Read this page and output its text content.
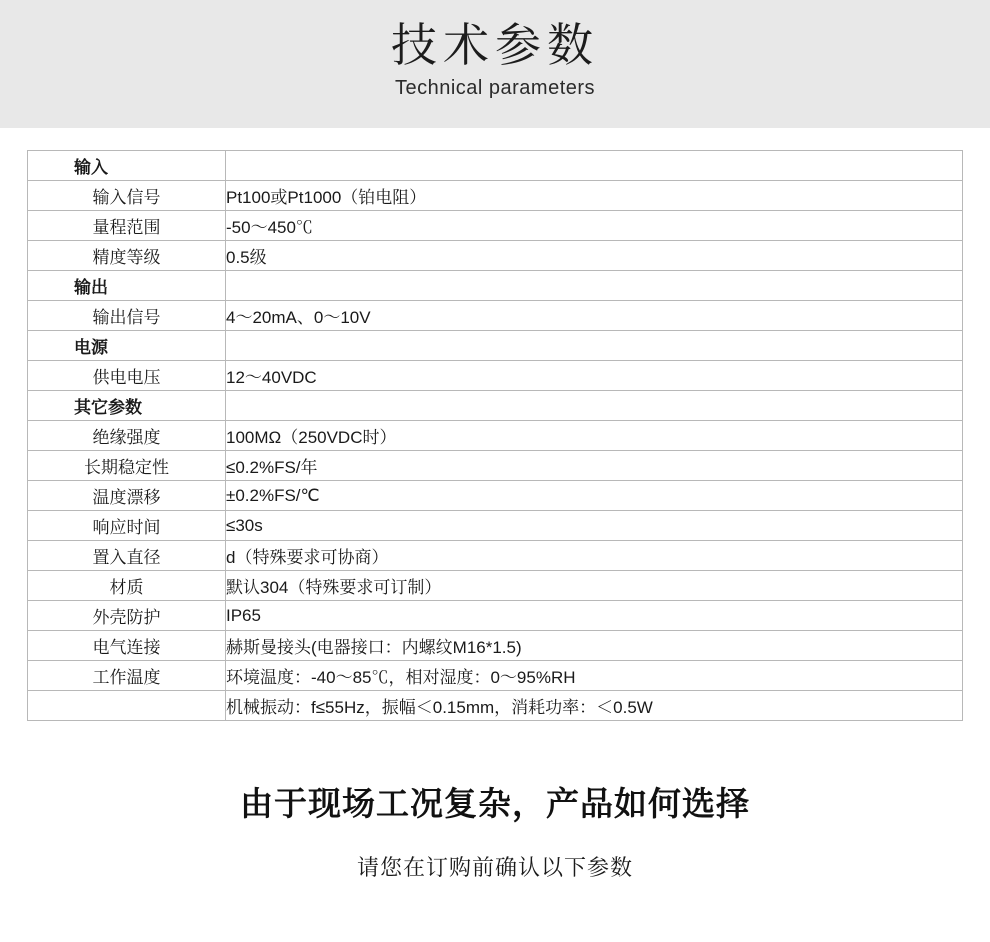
技术参数
Technical parameters
输入	
输入信号	Pt100或Pt1000（铂电阻）
量程范围	-50～450℃
精度等级	0.5级
输出	
输出信号	4～20mA、0～10V
电源	
供电电压	12～40VDC
其它参数	
绝缘强度	100MΩ（250VDC时）
长期稳定性	≤0.2%FS/年
温度漂移	±0.2%FS/℃
响应时间	≤30s
置入直径	d（特殊要求可协商）
材质	默认304（特殊要求可订制）
外壳防护	IP65
电气连接	赫斯曼接头(电器接口：内螺纹M16*1.5)
工作温度	环境温度：-40～85℃，相对湿度：0～95%RH
	机械振动：f≤55Hz，振幅＜0.15mm，消耗功率：＜0.5W
由于现场工况复杂，产品如何选择
请您在订购前确认以下参数
